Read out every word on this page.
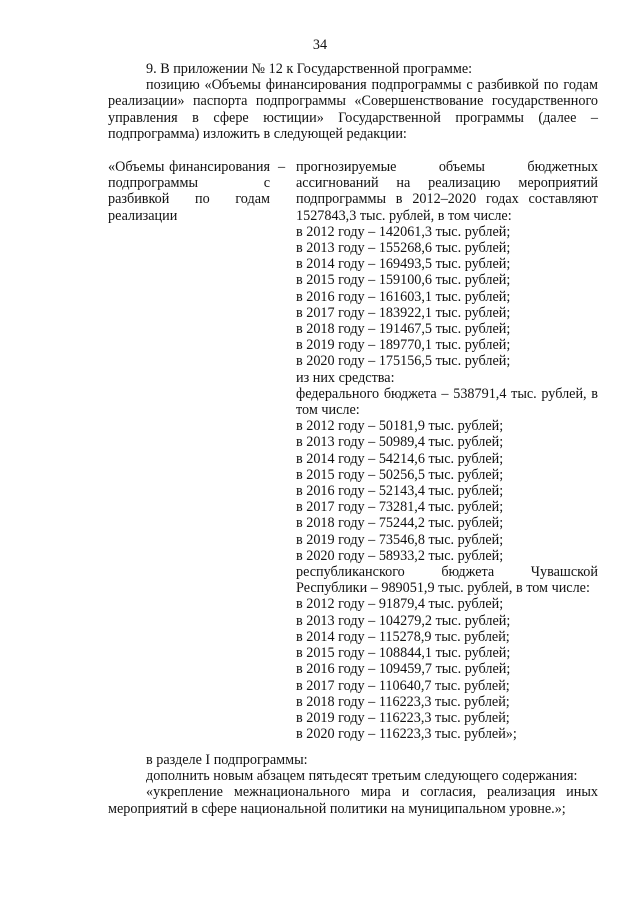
34

9. В приложении № 12 к Государственной программе:

позицию «Объемы финансирования подпрограммы с разбивкой по годам реализации» паспорта подпрограммы «Совершенствование государственного управления в сфере юстиции» Государственной программы (далее – подпрограмма) изложить в следующей редакции:

«Объемы финансирования подпрограммы с разбивкой по годам реализации
– прогнозируемые объемы бюджетных ассигнований на реализацию мероприятий подпрограммы в 2012–2020 годах составляют 1527843,3 тыс. рублей, в том числе:

в 2012 году – 142061,3 тыс. рублей;

в 2013 году – 155268,6 тыс. рублей;

в 2014 году – 169493,5 тыс. рублей;

в 2015 году – 159100,6 тыс. рублей;

в 2016 году – 161603,1 тыс. рублей;

в 2017 году – 183922,1 тыс. рублей;

в 2018 году – 191467,5 тыс. рублей;

в 2019 году – 189770,1 тыс. рублей;

в 2020 году – 175156,5 тыс. рублей;

из них средства:

федерального бюджета – 538791,4 тыс. рублей, в том числе:

в 2012 году – 50181,9 тыс. рублей;

в 2013 году – 50989,4 тыс. рублей;

в 2014 году – 54214,6 тыс. рублей;

в 2015 году – 50256,5 тыс. рублей;

в 2016 году – 52143,4 тыс. рублей;

в 2017 году – 73281,4 тыс. рублей;

в 2018 году – 75244,2 тыс. рублей;

в 2019 году – 73546,8 тыс. рублей;

в 2020 году – 58933,2 тыс. рублей;

республиканского бюджета Чувашской Республики – 989051,9 тыс. рублей, в том числе:

в 2012 году – 91879,4 тыс. рублей;

в 2013 году – 104279,2 тыс. рублей;

в 2014 году – 115278,9 тыс. рублей;

в 2015 году – 108844,1 тыс. рублей;

в 2016 году – 109459,7 тыс. рублей;

в 2017 году – 110640,7 тыс. рублей;

в 2018 году – 116223,3 тыс. рублей;

в 2019 году – 116223,3 тыс. рублей;

в 2020 году – 116223,3 тыс. рублей»;

в разделе I подпрограммы:

дополнить новым абзацем пятьдесят третьим следующего содержания:

«укрепление межнационального мира и согласия, реализация иных мероприятий в сфере национальной политики на муниципальном уровне.»;
